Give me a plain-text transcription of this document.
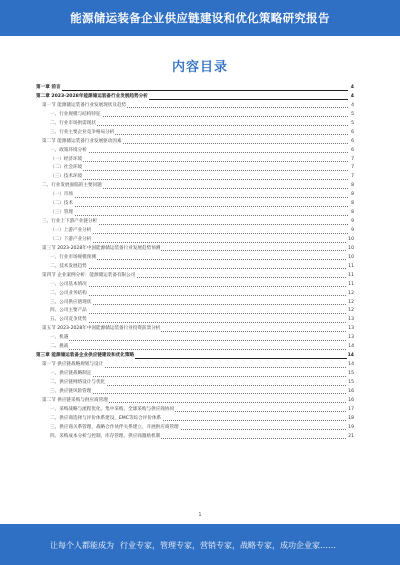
能源储运装备企业供应链建设和优化策略研究报告
内容目录
第一章 前言	4
第二章 2023-2028年能源储运装备行业发展趋势分析	4
第一节 能源储运装备行业发展现状及趋势	4
一、行业规模与结构特征	5
二、行业市场供需现状	5
三、行业主要企业竞争格局分析	6
第二节 能源储运装备行业发展驱动因素	6
一、政策环境分析	6
（一）经济环境	7
（二）社会环境	7
（三）技术环境	7
二、行业发展面临的主要问题	8
（一）市场	8
（二）技术	8
（三）管理	8
三、行业上下游产业链分析	9
（一）上游产业分析	9
（二）下游产业分析	10
第三节 2023-2028年中国能源储运装备行业发展趋势预测	10
一、行业市场规模预测	10
二、技术发展趋势	11
第四节 企业案例分析：能源储运装备有限公司	11
一、公司基本情况	11
二、公司业务结构	12
三、公司供应链现状	12
四、公司主要产品	12
五、公司竞争优势	13
第五节 2023-2028年中国能源储运装备行业投资前景分析	13
一、机遇	13
二、挑战	14
第三章 能源储运装备企业供应链建设和优化策略	14
第一节 供应链战略规划与设计	14
一、供应链战略制定	15
二、供应链网络设计与优化	15
三、供应链风险管理	16
第二节 供应链采购与供应商管理	16
一、采购战略与流程优化、集中采购、全球采购与供应商协同	17
二、供应商选择与评价体系建设，EMC等综合评价体系	18
三、供应商关系管理，战略合作伙伴关系建立，开展供应商管理	19
四、采购成本分析与控制、库存管理、供应商激励机制	21
1
让每个人都能成为 行业专家，管理专家，营销专家，战略专家，成功企业家……
